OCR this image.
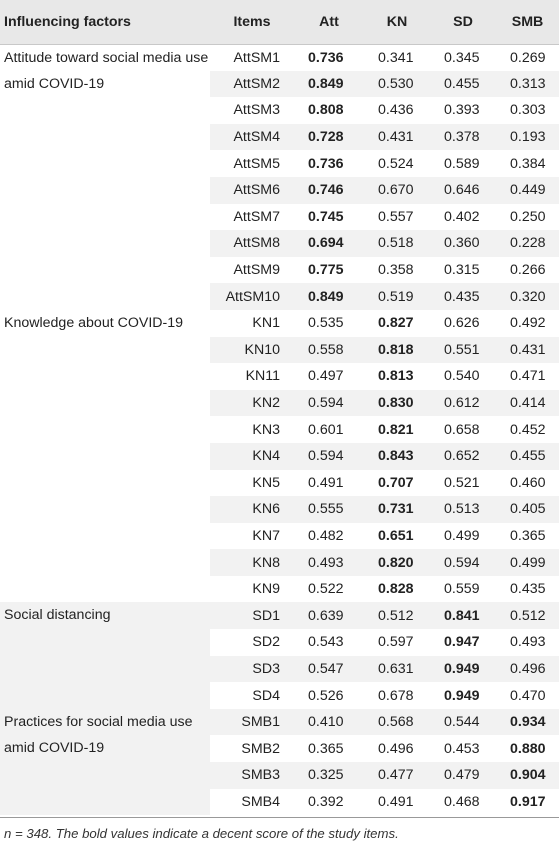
Influencing factors	Items	Att	KN	SD	SMB
Attitude toward social media use amid COVID-19	AttSM1	0.736	0.341	0.345	0.269
	AttSM2	0.849	0.530	0.455	0.313
	AttSM3	0.808	0.436	0.393	0.303
	AttSM4	0.728	0.431	0.378	0.193
	AttSM5	0.736	0.524	0.589	0.384
	AttSM6	0.746	0.670	0.646	0.449
	AttSM7	0.745	0.557	0.402	0.250
	AttSM8	0.694	0.518	0.360	0.228
	AttSM9	0.775	0.358	0.315	0.266
	AttSM10	0.849	0.519	0.435	0.320
Knowledge about COVID-19	KN1	0.535	0.827	0.626	0.492
	KN10	0.558	0.818	0.551	0.431
	KN11	0.497	0.813	0.540	0.471
	KN2	0.594	0.830	0.612	0.414
	KN3	0.601	0.821	0.658	0.452
	KN4	0.594	0.843	0.652	0.455
	KN5	0.491	0.707	0.521	0.460
	KN6	0.555	0.731	0.513	0.405
	KN7	0.482	0.651	0.499	0.365
	KN8	0.493	0.820	0.594	0.499
	KN9	0.522	0.828	0.559	0.435
Social distancing	SD1	0.639	0.512	0.841	0.512
	SD2	0.543	0.597	0.947	0.493
	SD3	0.547	0.631	0.949	0.496
	SD4	0.526	0.678	0.949	0.470
Practices for social media use amid COVID-19	SMB1	0.410	0.568	0.544	0.934
	SMB2	0.365	0.496	0.453	0.880
	SMB3	0.325	0.477	0.479	0.904
	SMB4	0.392	0.491	0.468	0.917
n = 348. The bold values indicate a decent score of the study items.
